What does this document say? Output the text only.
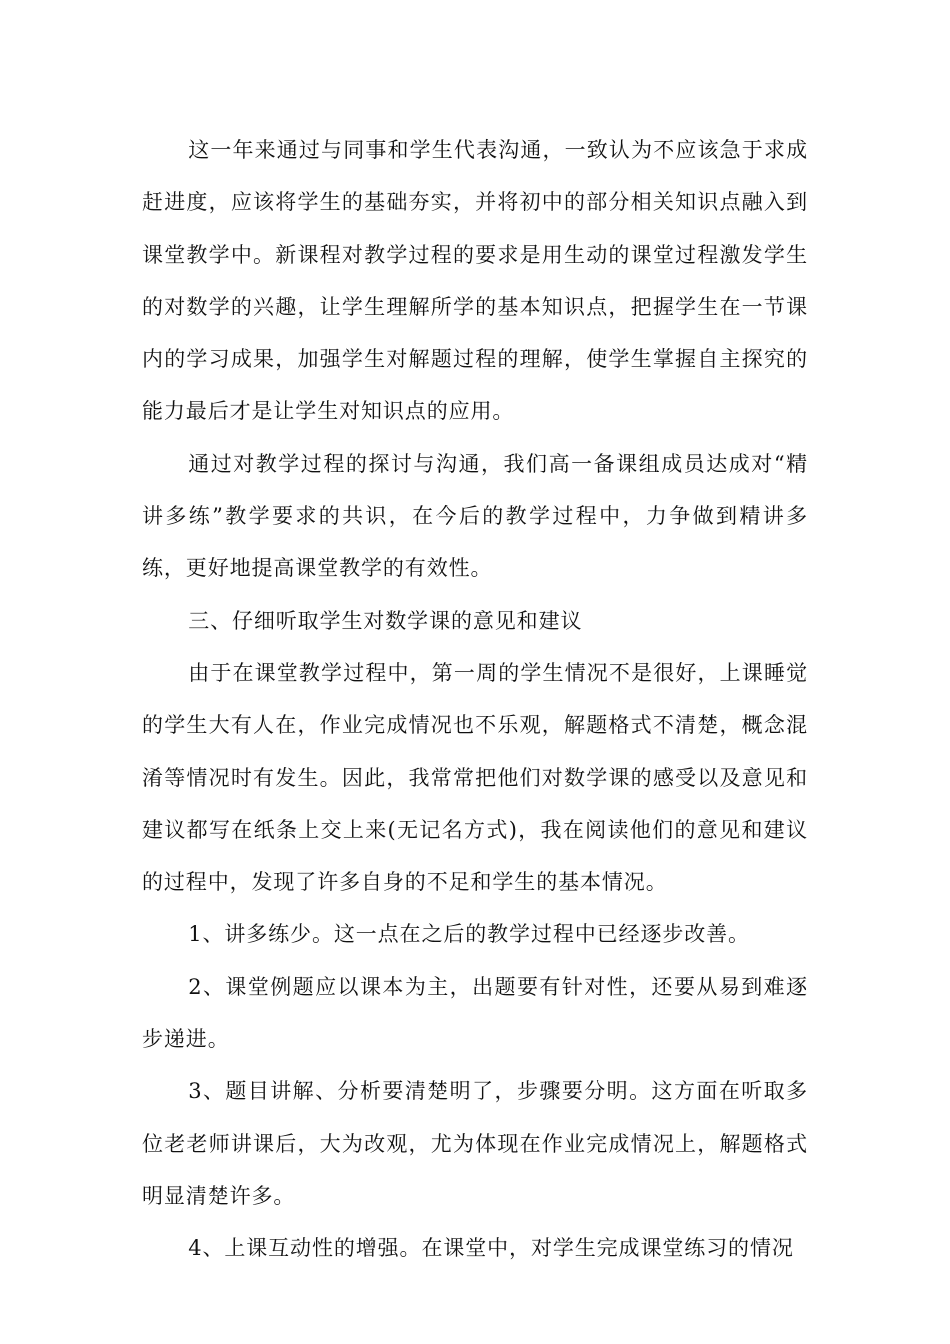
这一年来通过与同事和学生代表沟通，一致认为不应该急于求成赶进度，应该将学生的基础夯实，并将初中的部分相关知识点融入到课堂教学中。新课程对教学过程的要求是用生动的课堂过程激发学生的对数学的兴趣，让学生理解所学的基本知识点，把握学生在一节课内的学习成果，加强学生对解题过程的理解，使学生掌握自主探究的能力最后才是让学生对知识点的应用。

通过对教学过程的探讨与沟通，我们高一备课组成员达成对“精讲多练”教学要求的共识，在今后的教学过程中，力争做到精讲多练，更好地提高课堂教学的有效性。

三、仔细听取学生对数学课的意见和建议

由于在课堂教学过程中，第一周的学生情况不是很好，上课睡觉的学生大有人在，作业完成情况也不乐观，解题格式不清楚，概念混淆等情况时有发生。因此，我常常把他们对数学课的感受以及意见和建议都写在纸条上交上来(无记名方式)，我在阅读他们的意见和建议的过程中，发现了许多自身的不足和学生的基本情况。

1、讲多练少。这一点在之后的教学过程中已经逐步改善。

2、课堂例题应以课本为主，出题要有针对性，还要从易到难逐步递进。

3、题目讲解、分析要清楚明了，步骤要分明。这方面在听取多位老老师讲课后，大为改观，尤为体现在作业完成情况上，解题格式明显清楚许多。

4、上课互动性的增强。在课堂中，对学生完成课堂练习的情况
